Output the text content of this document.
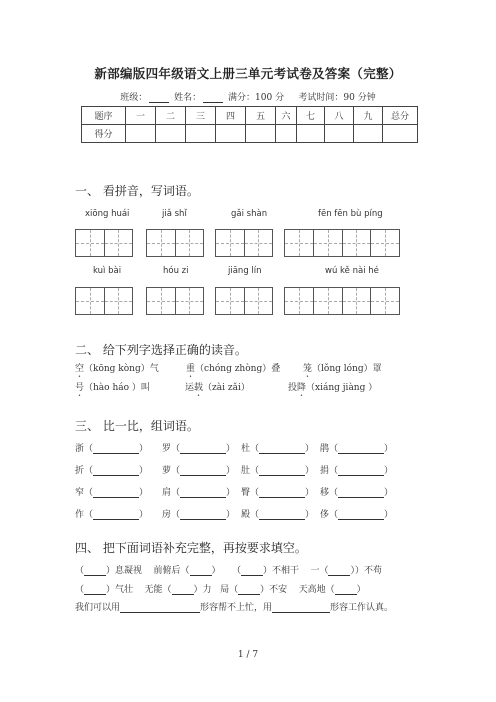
新部编版四年级语文上册三单元考试卷及答案（完整）
班级：	姓名：	满分：100 分 考试时间：90 分钟
题序	一	二	三	四	五	六	七	八	九	总分
得分										
一、 看拼音，写词语。
xiōng huái	jiǎ shǐ	gǎi shàn	fēn fēn bù píng
kuì bài	hóu zi	jiāng lín	wú kě nài hé
二、 给下列字选择正确的读音。
空（kōng kòng）气	重（chóng zhòng）叠	笼（lǒng lóng）罩
号（hào háo ）叫	运载（zài zǎi）	投降（xiáng jiàng ）
三、 比一比，组词语。
浙（	） 罗（	） 杜（	） 鹃（	）
折（	） 萝（	） 肚（	） 捐（	）
窄（	） 肩（	） 臀（	） 移（	）
作（	） 房（	） 殿（	） 侈（	）
四、 把下面词语补充完整，再按要求填空。
（ ）息凝视 前俯后（ ）    （ ）不相干 一（ ））不苟
（ ）气壮 无能（ ）力 局（ ）不安 天高地（ ）
我们可以用	形容帮不上忙，用	形容工作认真。
1 / 7
